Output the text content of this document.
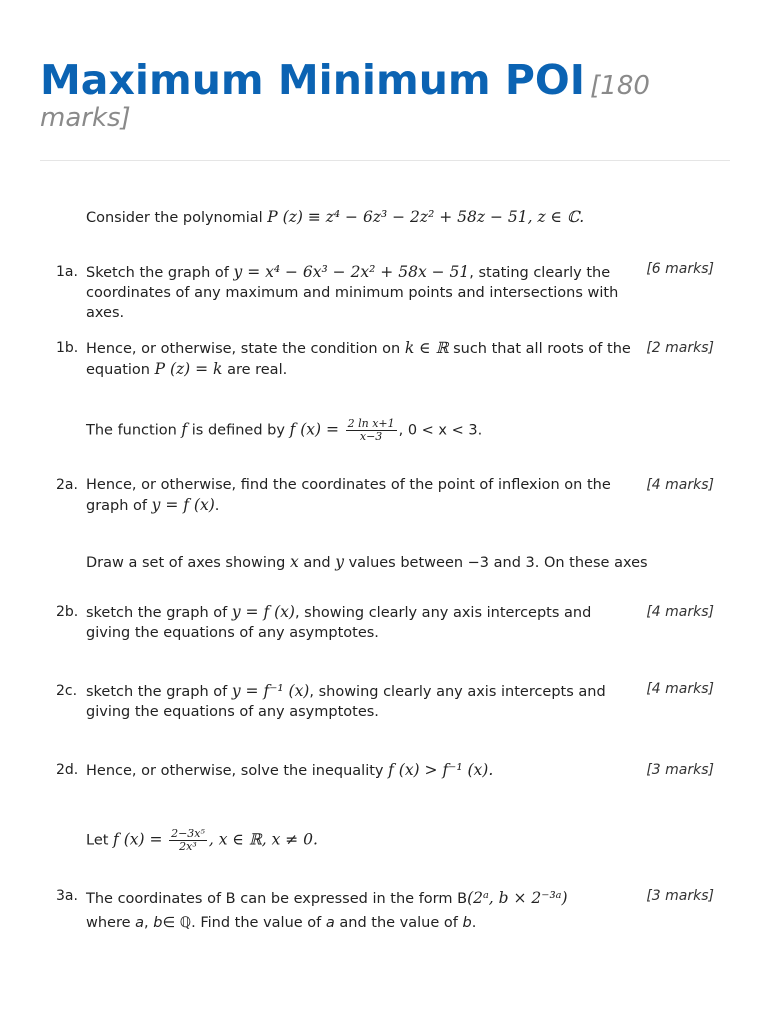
Maximum Minimum POI [180
marks]
Consider the polynomial P (z) ≡ z⁴ − 6z³ − 2z² + 58z − 51, z ∈ ℂ.
1a. Sketch the graph of y = x⁴ − 6x³ − 2x² + 58x − 51, stating clearly the coordinates of any maximum and minimum points and intersections with axes.
[6 marks]
1b. Hence, or otherwise, state the condition on k ∈ ℝ such that all roots of the equation P (z) = k are real.
[2 marks]
The function f is defined by f $(x) = \frac{\text{2 ln x+1}}{x-3}$ , 0 < x < 3.
2a. Hence, or otherwise, find the coordinates of the point of inflexion on the graph of y = f (x).
[4 marks]
Draw a set of axes showing x and y values between −3 and 3. On these axes
2b. sketch the graph of y = f (x), showing clearly any axis intercepts and giving the equations of any asymptotes.
[4 marks]
2c. sketch the graph of y = f⁻¹ (x), showing clearly any axis intercepts and giving the equations of any asymptotes.
[4 marks]
2d. Hence, or otherwise, solve the inequality f (x) > f⁻¹ (x).	[3 marks]
Let f $(x) = \frac{\text{2−3x⁵}}{\text{2x³}}$ , x ∈ ℝ, x ≠ 0.
3a. The coordinates of B can be expressed in the form B(2ᵃ, b × 2⁻³ᵃ)
where a, b∈ ℚ. Find the value of a and the value of b.
[3 marks]
